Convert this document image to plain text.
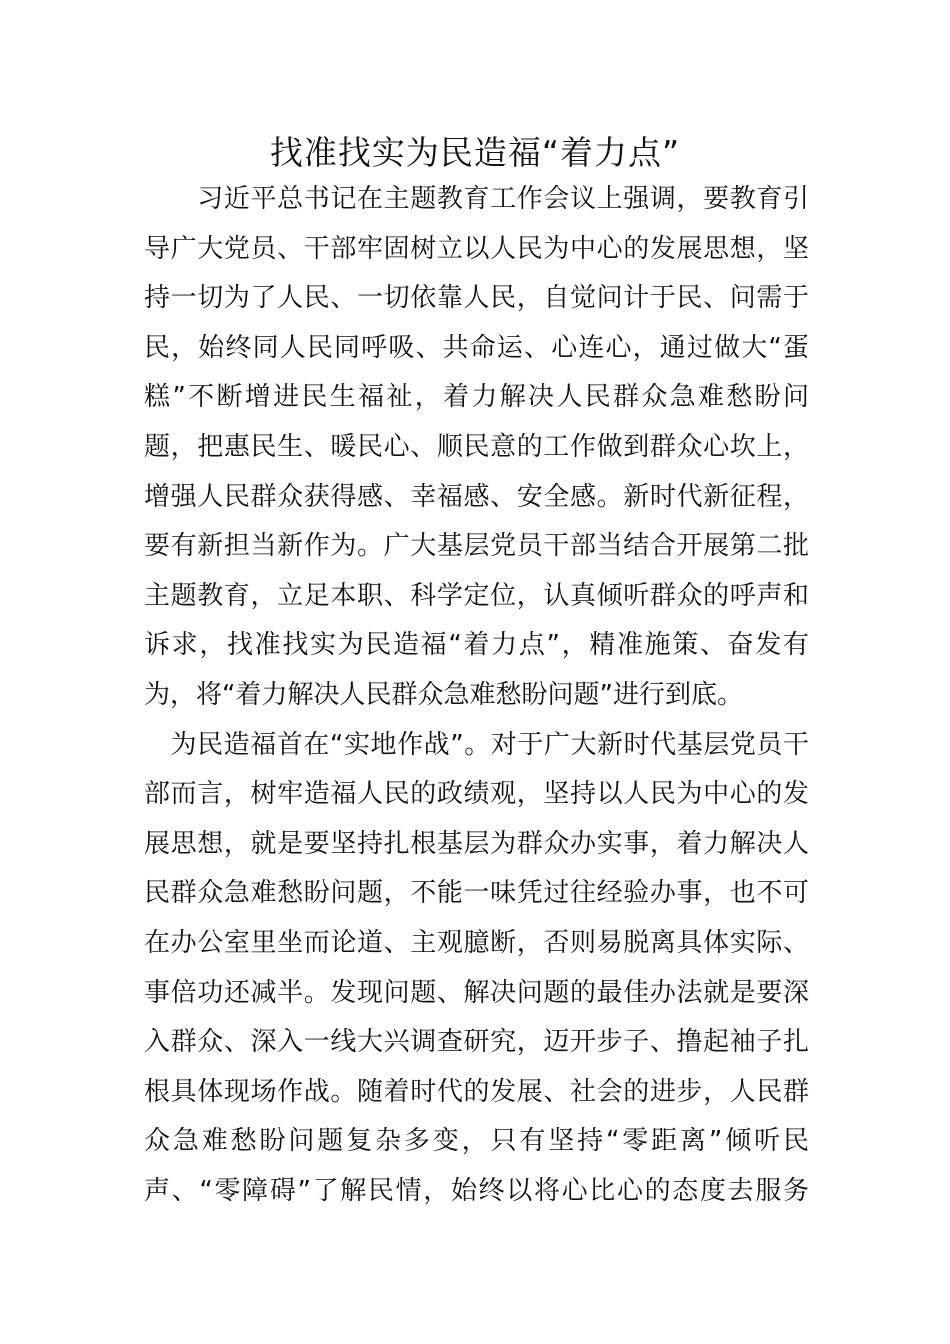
找准找实为民造福“着力点”
　　习近平总书记在主题教育工作会议上强调，要教育引
导广大党员、干部牢固树立以人民为中心的发展思想，坚
持一切为了人民、一切依靠人民，自觉问计于民、问需于
民，始终同人民同呼吸、共命运、心连心，通过做大“蛋
糕”不断增进民生福祉，着力解决人民群众急难愁盼问
题，把惠民生、暖民心、顺民意的工作做到群众心坎上，
增强人民群众获得感、幸福感、安全感。新时代新征程，
要有新担当新作为。广大基层党员干部当结合开展第二批
主题教育，立足本职、科学定位，认真倾听群众的呼声和
诉求，找准找实为民造福“着力点”，精准施策、奋发有
为，将“着力解决人民群众急难愁盼问题”进行到底。
　为民造福首在“实地作战”。对于广大新时代基层党员干
部而言，树牢造福人民的政绩观，坚持以人民为中心的发
展思想，就是要坚持扎根基层为群众办实事，着力解决人
民群众急难愁盼问题，不能一味凭过往经验办事，也不可
在办公室里坐而论道、主观臆断，否则易脱离具体实际、
事倍功还减半。发现问题、解决问题的最佳办法就是要深
入群众、深入一线大兴调查研究，迈开步子、撸起袖子扎
根具体现场作战。随着时代的发展、社会的进步，人民群
众急难愁盼问题复杂多变，只有坚持“零距离”倾听民
声、“零障碍”了解民情，始终以将心比心的态度去服务
